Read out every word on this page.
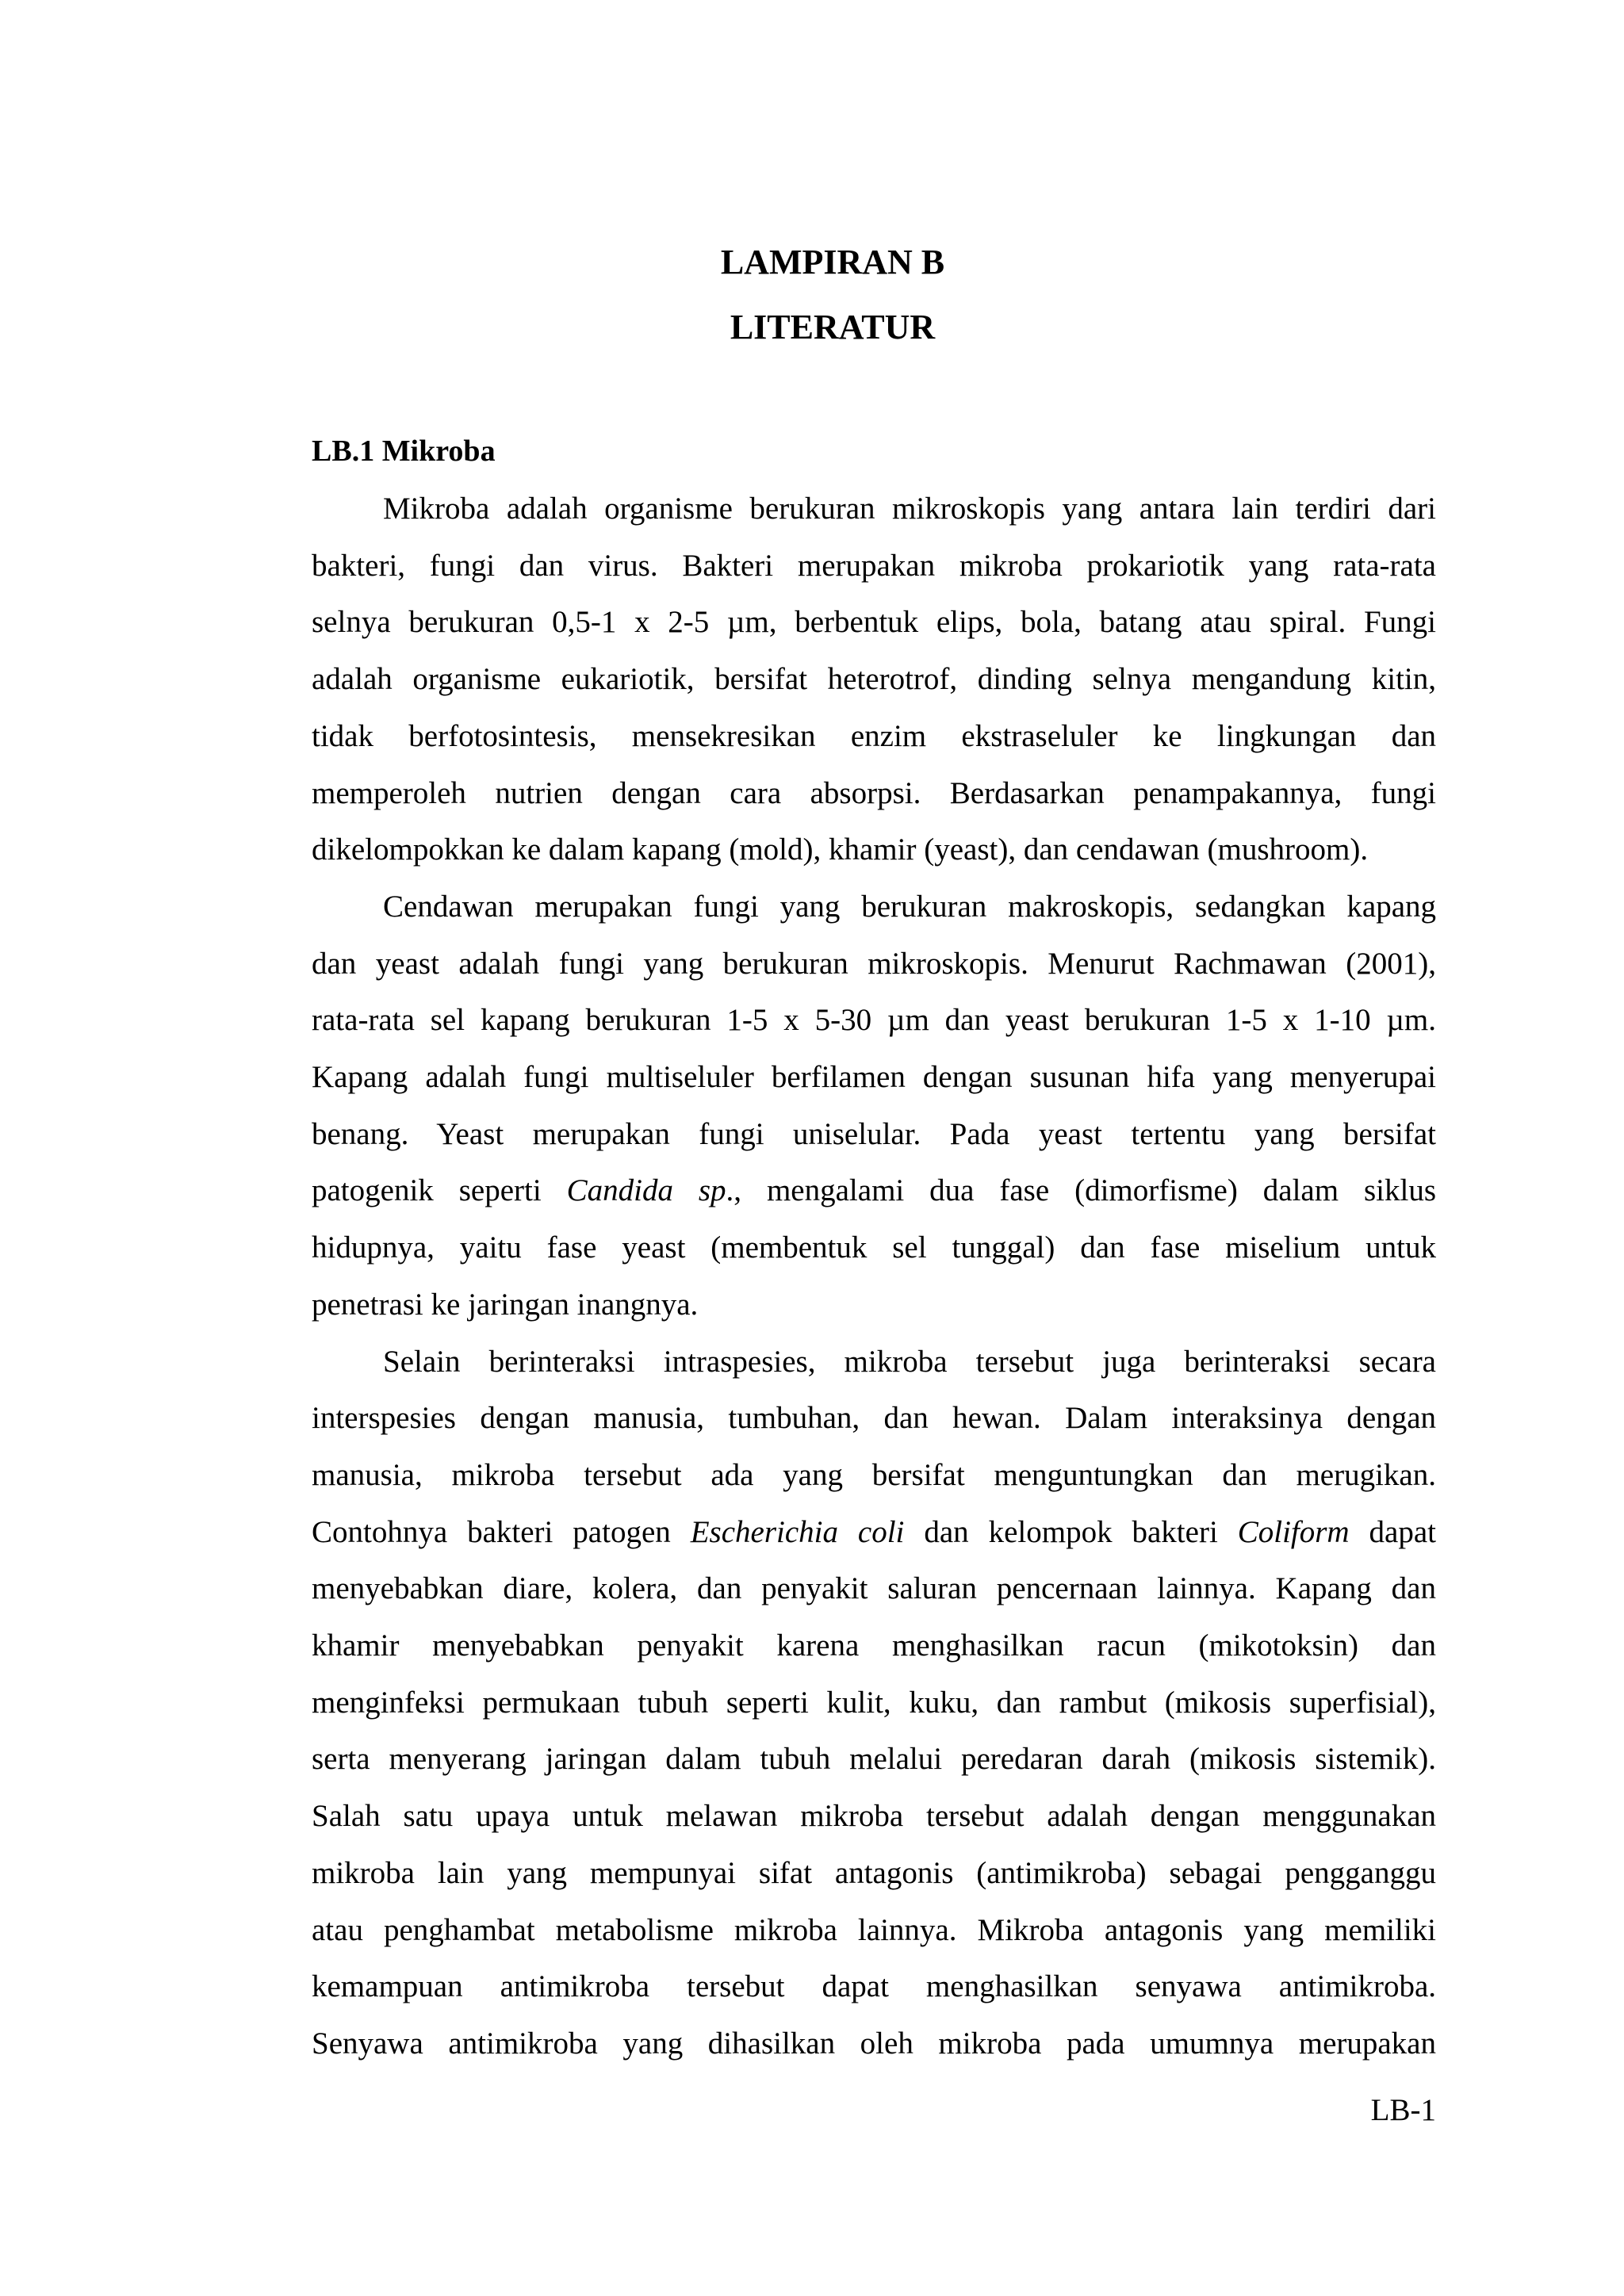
LAMPIRAN B

LITERATUR

LB.1 Mikroba

Mikroba adalah organisme berukuran mikroskopis yang antara lain terdiri dari
bakteri, fungi dan virus. Bakteri merupakan mikroba prokariotik yang rata-rata
selnya berukuran 0,5-1 x 2-5 µm, berbentuk elips, bola, batang atau spiral. Fungi
adalah organisme eukariotik, bersifat heterotrof, dinding selnya mengandung kitin,
tidak berfotosintesis, mensekresikan enzim ekstraseluler ke lingkungan dan
memperoleh nutrien dengan cara absorpsi. Berdasarkan penampakannya, fungi
dikelompokkan ke dalam kapang (mold), khamir (yeast), dan cendawan (mushroom).
Cendawan merupakan fungi yang berukuran makroskopis, sedangkan kapang
dan yeast adalah fungi yang berukuran mikroskopis. Menurut Rachmawan (2001),
rata-rata sel kapang berukuran 1-5 x 5-30 µm dan yeast berukuran 1-5 x 1-10 µm.
Kapang adalah fungi multiseluler berfilamen dengan susunan hifa yang menyerupai
benang. Yeast merupakan fungi uniselular. Pada yeast tertentu yang bersifat
patogenik seperti Candida sp., mengalami dua fase (dimorfisme) dalam siklus
hidupnya, yaitu fase yeast (membentuk sel tunggal) dan fase miselium untuk
penetrasi ke jaringan inangnya.
Selain berinteraksi intraspesies, mikroba tersebut juga berinteraksi secara
interspesies dengan manusia, tumbuhan, dan hewan. Dalam interaksinya dengan
manusia, mikroba tersebut ada yang bersifat menguntungkan dan merugikan.
Contohnya bakteri patogen Escherichia coli dan kelompok bakteri Coliform dapat
menyebabkan diare, kolera, dan penyakit saluran pencernaan lainnya. Kapang dan
khamir menyebabkan penyakit karena menghasilkan racun (mikotoksin) dan
menginfeksi permukaan tubuh seperti kulit, kuku, dan rambut (mikosis superfisial),
serta menyerang jaringan dalam tubuh melalui peredaran darah (mikosis sistemik).
Salah satu upaya untuk melawan mikroba tersebut adalah dengan menggunakan
mikroba lain yang mempunyai sifat antagonis (antimikroba) sebagai pengganggu
atau penghambat metabolisme mikroba lainnya. Mikroba antagonis yang memiliki
kemampuan antimikroba tersebut dapat menghasilkan senyawa antimikroba.
Senyawa antimikroba yang dihasilkan oleh mikroba pada umumnya merupakan

LB-1
